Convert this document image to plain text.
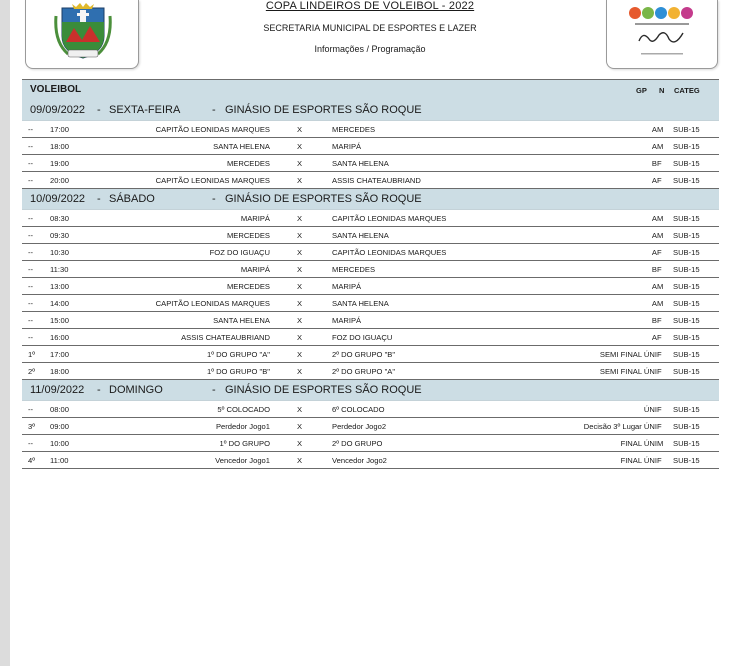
COPA LINDEIROS DE VOLEIBOL - 2022
SECRETARIA MUNICIPAL DE ESPORTES E LAZER
Informações / Programação
VOLEIBOL	GP N CATEG
09/09/2022 - SEXTA-FEIRA	- GINÁSIO DE ESPORTES SÃO ROQUE
-- 17:00	CAPITÃO LEONIDAS MARQUES	X	MERCEDES	A M SUB-15
-- 18:00	SANTA HELENA	X	MARIPÁ	A M SUB-15
-- 19:00	MERCEDES	X	SANTA HELENA	B F SUB-15
-- 20:00	CAPITÃO LEONIDAS MARQUES	X	ASSIS CHATEAUBRIAND	A F SUB-15
10/09/2022 - SÁBADO	- GINÁSIO DE ESPORTES SÃO ROQUE
-- 08:30	MARIPÁ	X	CAPITÃO LEONIDAS MARQUES	A M SUB-15
-- 09:30	MERCEDES	X	SANTA HELENA	A M SUB-15
-- 10:30	FOZ DO IGUAÇU	X	CAPITÃO LEONIDAS MARQUES	A F SUB-15
-- 11:30	MARIPÁ	X	MERCEDES	B F SUB-15
-- 13:00	MERCEDES	X	MARIPÁ	A M SUB-15
-- 14:00	CAPITÃO LEONIDAS MARQUES	X	SANTA HELENA	A M SUB-15
-- 15:00	SANTA HELENA	X	MARIPÁ	B F SUB-15
-- 16:00	ASSIS CHATEAUBRIAND	X	FOZ DO IGUAÇU	A F SUB-15
1º 17:00	1º DO GRUPO "A"	X	2º DO GRUPO "B"	SEMI FINAL ÚNI F SUB-15
2º 18:00	1º DO GRUPO "B"	X	2º DO GRUPO "A"	SEMI FINAL ÚNI F SUB-15
11/09/2022 - DOMINGO	- GINÁSIO DE ESPORTES SÃO ROQUE
-- 08:00	5º COLOCADO	X	6º COLOCADO	ÚNI F SUB-15
3º 09:00	Perdedor Jogo1	X	Perdedor Jogo2	Decisão 3º Lugar ÚNI F SUB-15
-- 10:00	1º DO GRUPO	X	2º DO GRUPO	FINAL ÚNI M SUB-15
4º 11:00	Vencedor Jogo1	X	Vencedor Jogo2	FINAL ÚNI F SUB-15
